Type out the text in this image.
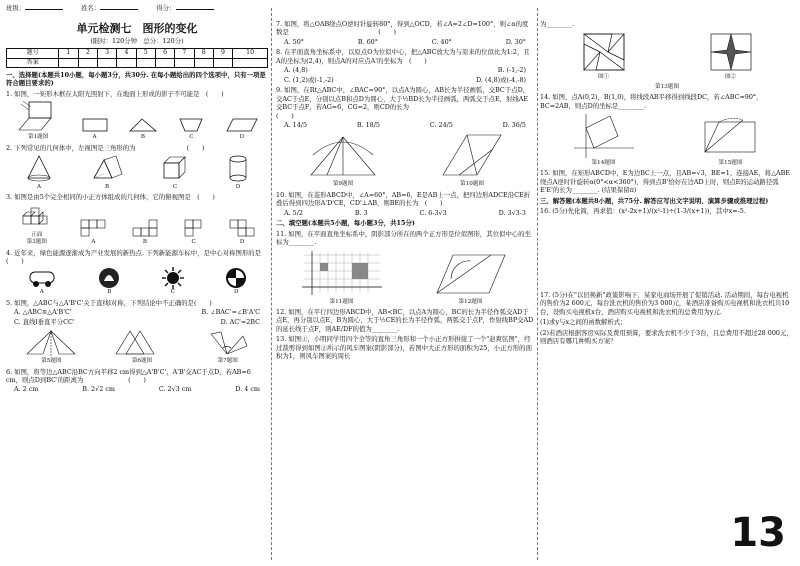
班级：	姓名：	得分：
单元检测七　图形的变化
(限时：120分钟　总分：120分)
题号	1	2	3	4	5	6	7	8	9	10
答案										
一、选择题(本题共10小题，每小题3分，共30分. 在每小题给出的四个选项中，只有一项是符合题目要求的)
1. 如图，一矩形木框在太阳光照射下，在地面上形成的影子不可能是　(　　)
第1题图	A	B	C	D
2. 下列常见的几何体中，左视图是三角形的为　　　　　　　　(　　)
A	B	C	D
3. 如图是由5个完全相同的小正方体组成的几何体，它的俯视图是　(　　)
正面
第3题图	A	B	C	D
4. 近年来，绿色能源逐渐成为产业发展的新热点. 下列新能源车标中，是中心对称图形的是　　　　　　　　　　　　　　　　　　　　(　　)
A	B	C	D
5. 如图，△ABC与△A'B'C'关于直线l对称，下列结论中不正确的是(　　)
A. △ABC≌△A'B'C'	B. ∠BAC'=∠B'A'C
C. 直线l垂直平分CC'	D. AC'=2BC
第5题图	第6题图	第7题图
6. 如图，将等边△ABC沿BC方向平移2 cm得到△A'B'C'，A'B'交AC于点D，若AB=6 cm，则点D到BC'的距离为　　　　　　　(　　)
A. 2 cm	B. 2√2 cm	C. 2√3 cm	D. 4 cm
7. 如图，将△OAB绕点O逆时针旋转80°，得到△OCD，若∠A=2∠D=100°，则∠α的度数是　　　　　　　　　　　　　　(　　)
A. 50°	B. 60°	C. 40°	D. 30°
8. 在平面直角坐标系中，以原点O为位似中心，把△ABC放大为与原来的位似比为1:2，且A的坐标为(2,4)，则点A的对应点A'的坐标为　(　　)
A. (4,8)	B. (-1,-2)
C. (1,2)或(-1,-2)	D. (4,8)或(-4,-8)
9. 如图，在Rt△ABC中，∠BAC=90°，以点A为圆心，AB长为半径画弧，交BC于点D，交AC于点E，分别以点B和点D为圆心，大于½BD长为半径画弧，两弧交于点E，射线AE交BC于点F，若AG=6，CG=2，则CD的长为　　　　　　　　　　　　　　　　　　　　(　　)
A. 14/5	B. 18/5	C. 24/5	D. 36/5
第9题图	第10题图
10. 如图，在菱形ABCD中，∠A=60°，AB=6，E是AB上一点，把四边形ADCE沿CE折叠后得到四边形A'D'CE，CD'⊥AB，则BE的长为　(　　)
A. 5/2	B. 3	C. 6-3√3	D. 3√3-3
二、填空题(本题共5小题，每小题3分，共15分)
11. 如图，在平面直角坐标系中，阴影部分所在的两个正方形是位似图形，其位似中心的坐标为________.
第11题图	第12题图
12. 如图，在平行四边形ABCD中，AB<BC，以点A为圆心，BC的长为半径作弧交AD于点E，再分别以点E，B为圆心，大于½CE的长为半径作弧，两弧交于点P，作射线BP交AD的延长线于点F，则AE/DF的值为________.
13. 如图①，小明同学用四个全等的直角三角形和一个小正方形拼接了一个"赵爽弦图"，经过裁剪得到如图②所示的风车图案(阴影部分)，若图中大正方形的面积为25，小正方形的面积为1，则风车图案的周长
为________.
图①	图②
第13题图
14. 如图，点A(0,2)，B(1,0)，将线段AB平移得到线段DC，若∠ABC=90°，BC=2AB，则点D的坐标是________.
第14题图	第15题图
15. 如图，在矩形ABCD中，E为边BC上一点，且AB=√3，BE=1，连接AE，将△ABE绕点A逆时针旋转α(0°<α<360°)，得到点B'恰好在边AD上时，则点E的运动路径弧E'E'的长为________. (结果保留π)
三、解答题(本题共8小题，共75分. 解答应写出文字说明、演算步骤或推理过程)
16. (5分)先化简，再求值：(x²-2x+1)/(x²-1)÷(1-3/(x+1))，其中x=-5.
17. (5分)在"以旧换新"政策影响下，某家电商场开展了促销活动. 活动期间，每台电视机的售价为2 600元，每台洗衣机的售价为3 000元，某酒店准备购买电视机和洗衣机共10台，设购买电视机x台，酒店购买电视机和洗衣机的总费用为y元.
(1)求y与x之间的函数解析式；
(2)若酒店根据客房实际及费用预算，要求洗衣机不少于3台，且总费用不超过28 000元，则酒店有哪几种购买方案？
13
